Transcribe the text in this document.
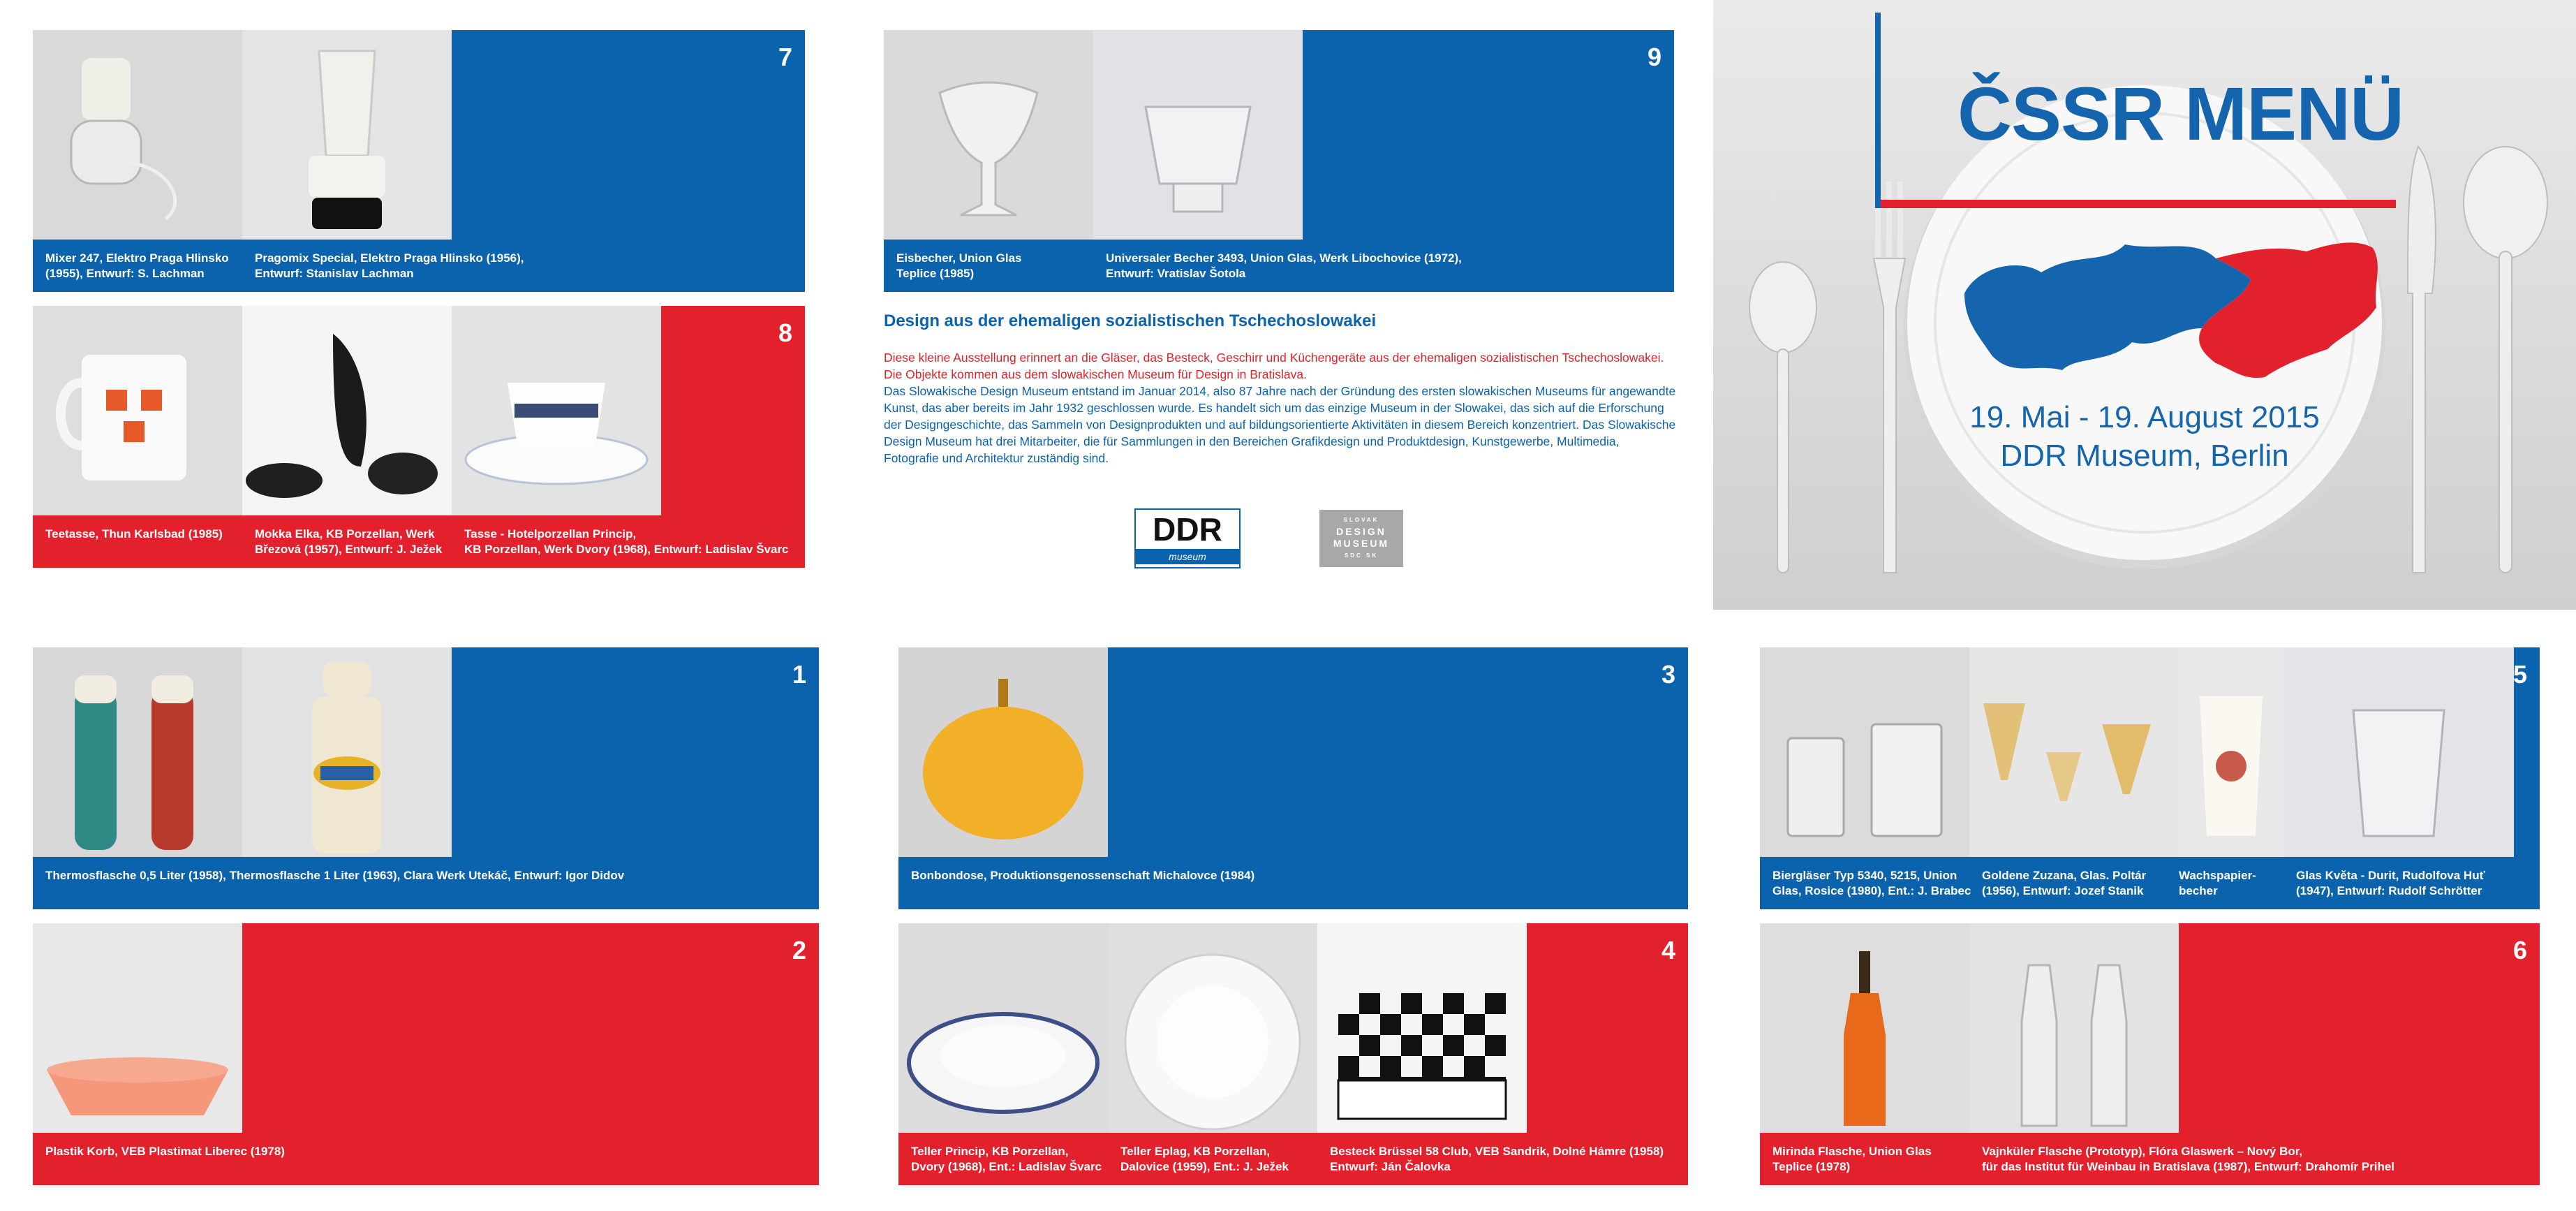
7
Mixer 247, Elektro Praga Hlinsko
(1955), Entwurf: S. Lachman
Pragomix Special, Elektro Praga Hlinsko (1956),
Entwurf: Stanislav Lachman
8
Teetasse, Thun Karlsbad (1985)	Mokka Elka, KB Porzellan, Werk
Březová (1957), Entwurf: J. Ježek
Tasse - Hotelporzellan Princip,
KB Porzellan, Werk Dvory (1968), Entwurf: Ladislav Švarc
9
Eisbecher, Union Glas
Teplice (1985)
Universaler Becher 3493, Union Glas, Werk Libochovice (1972),
Entwurf: Vratislav Šotola
Design aus der ehemaligen sozialistischen Tschechoslowakei
Diese kleine Ausstellung erinnert an die Gläser, das Besteck, Geschirr und Küchengeräte aus der ehemaligen sozialistischen Tschechoslowakei. Die Objekte kommen aus dem slowakischen Museum für Design in Bratislava.
Das Slowakische Design Museum entstand im Januar 2014, also 87 Jahre nach der Gründung des ersten slowakischen Museums für angewandte Kunst, das aber bereits im Jahr 1932 geschlossen wurde. Es handelt sich um das einzige Museum in der Slowakei, das sich auf die Erforschung der Designgeschichte, das Sammeln von Designprodukten und auf bildungsorientierte Aktivitäten in diesem Bereich konzentriert. Das Slowakische Design Museum hat drei Mitarbeiter, die für Sammlungen in den Bereichen Grafikdesign und Produktdesign, Kunstgewerbe, Multimedia, Fotografie und Architektur zuständig sind.
DDR
museum
SLOVAK
DESIGN
MUSEUM
SDC SK
ČSSR MENÜ
19. Mai - 19. August 2015
DDR Museum, Berlin
1
Thermosflasche 0,5 Liter (1958), Thermosflasche 1 Liter (1963), Clara Werk Utekáč, Entwurf: Igor Didov
2
Plastik Korb, VEB Plastimat Liberec (1978)
3
Bonbondose, Produktionsgenossenschaft Michalovce (1984)
4
Teller Princip, KB Porzellan,
Dvory (1968), Ent.: Ladislav Švarc
Teller Eplag, KB Porzellan,
Dalovice (1959), Ent.: J. Ježek
Besteck Brüssel 58 Club, VEB Sandrik, Dolné Hámre (1958)
Entwurf: Ján Čalovka
5
Biergläser Typ 5340, 5215, Union
Glas, Rosice (1980), Ent.: J. Brabec
Goldene Zuzana, Glas. Poltár
(1956), Entwurf: Jozef Stanik
Wachspapier-
becher
Glas Květa - Durit, Rudolfova Huť
(1947), Entwurf: Rudolf Schrötter
6
Mirinda Flasche, Union Glas
Teplice (1978)
Vajnküler Flasche (Prototyp), Flóra Glaswerk – Nový Bor,
für das Institut für Weinbau in Bratislava (1987), Entwurf: Drahomír Prihel
